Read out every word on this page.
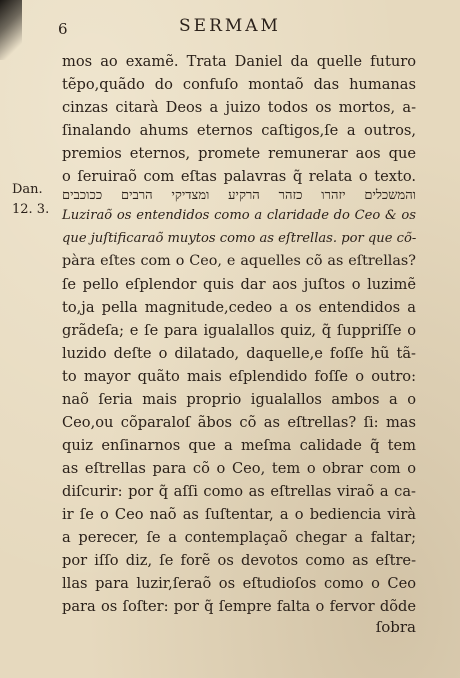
6	SERMAM
Dan.
12. 3.
mos ao examẽ. Trata Daniel da quelle futuro
tẽpo,quãdo do confuſo montaõ das humanas
cinzas citarà Deos a juizo todos os mortos, a-
ſinalando ahums eternos caſtigos,ſe a outros,
premios eternos, promete remunerar aos que
o ſeruiraõ com eſtas palavras q̃ relata o texto.
והמשכלים יזהרו כזהר הרקיע ומצדיקי הרבים ככוכבים
Luziraõ os entendidos como a claridade do Ceo & os
que juſtificaraõ muytos como as eſtrellas. por que cõ-
pàra eſtes com o Ceo, e aquelles cõ as eſtrellas?
ſe pello eſplendor quis dar aos juſtos o luzimẽ
to,ja pella magnitude,cedeo a os entendidos a
grãdeſa; e ſe para igualallos quiz, q̃ ſuppriſſe o
luzido deſte o dilatado, daquelle,e foſſe hũ tã-
to mayor quãto mais eſplendido foſſe o outro:
naõ ſeria mais proprio igualallos ambos a o
Ceo,ou cõparaloſ ãbos cõ as eſtrellas? ſi: mas
quiz enſinarnos que a meſma calidade q̃ tem
as eſtrellas para cõ o Ceo, tem o obrar com o
diſcurir: por q̃ aſſi como as eſtrellas viraõ a ca-
ir ſe o Ceo naõ as ſuſtentar, a o bediencia virà
a perecer, ſe a contemplaçaõ chegar a faltar;
por iſſo diz, ſe forẽ os devotos como as eſtre-
llas para luzir,ſeraõ os eſtudioſos como o Ceo
para os ſoſter: por q̃ ſempre falta o fervor dõde
ſobra
